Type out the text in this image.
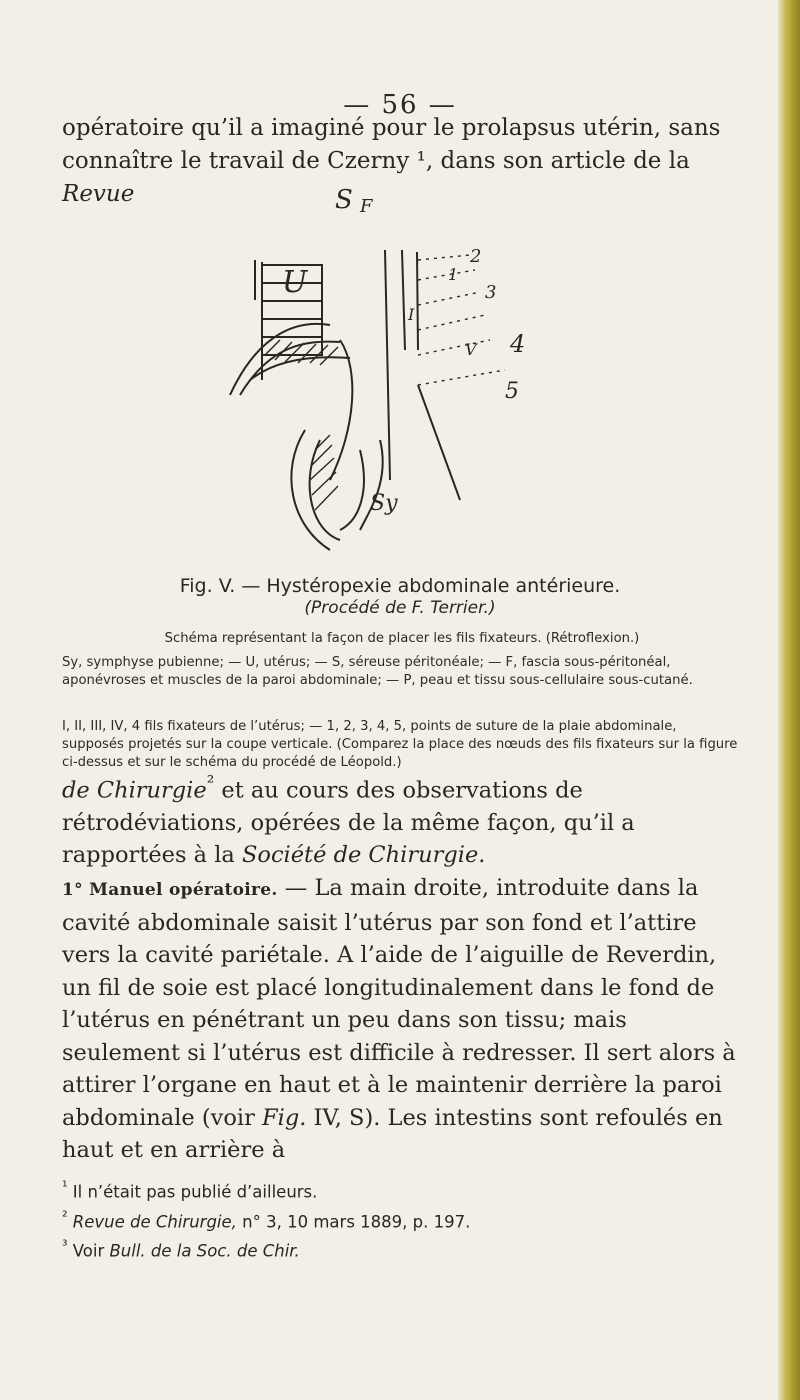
— 56 —
opératoire qu’il a imaginé pour le prolapsus utérin, sans connaître le travail de Czerny ¹, dans son article de la Revue	S F
U
I
1
2
3
4
5
V
Sy
Fig. V. — Hystéropexie abdominale antérieure.
(Procédé de F. Terrier.)
Schéma représentant la façon de placer les fils fixateurs. (Rétroflexion.)
Sy, symphyse pubienne; — U, utérus; — S, séreuse péritonéale; — F, fascia sous-péritonéal, aponévroses et muscles de la paroi abdominale; — P, peau et tissu sous-cellulaire sous-cutané.
I, II, III, IV, 4 fils fixateurs de l’utérus; — 1, 2, 3, 4, 5, points de suture de la plaie abdominale, supposés projetés sur la coupe verticale. (Comparez la place des nœuds des fils fixateurs sur la figure ci-dessus et sur le schéma du procédé de Léopold.)
de Chirurgie$^{^2}$ et au cours des observations de rétrodéviations, opérées de la même façon, qu’il a rapportées à la Société de Chirurgie.
1° Manuel opératoire. — La main droite, introduite dans la cavité abdominale saisit l’utérus par son fond et l’attire vers la cavité pariétale. A l’aide de l’aiguille de Reverdin, un fil de soie est placé longitudinalement dans le fond de l’utérus en pénétrant un peu dans son tissu; mais seulement si l’utérus est difficile à redresser. Il sert alors à attirer l’organe en haut et à le maintenir derrière la paroi abdominale (voir Fig. IV, S). Les intestins sont refoulés en haut et en arrière à
$^{^1}$ Il n’était pas publié d’ailleurs.
$^{^2}$ Revue de Chirurgie, n° 3, 10 mars 1889, p. 197.
$^{^3}$ Voir Bull. de la Soc. de Chir.
